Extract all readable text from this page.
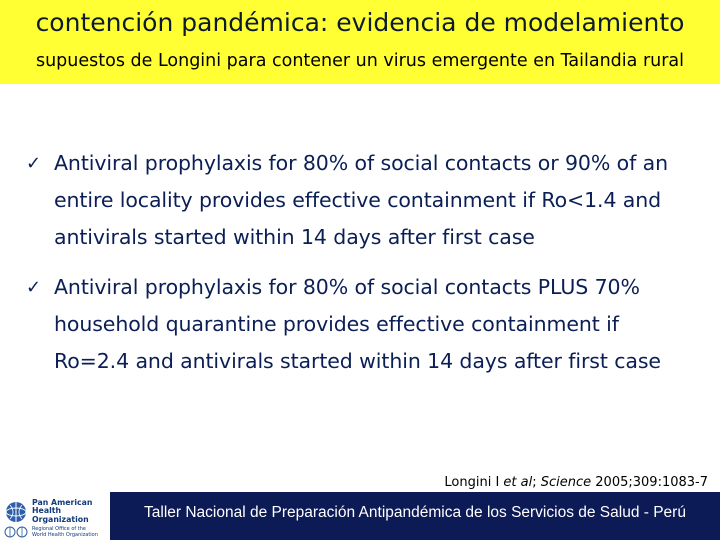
contención pandémica: evidencia de modelamiento
supuestos de Longini para contener un virus emergente en Tailandia rural
✓ Antiviral prophylaxis for 80% of social contacts or 90% of an
entire locality provides effective containment if Ro<1.4 and
antivirals started within 14 days after first case
✓ Antiviral prophylaxis for 80% of social contacts PLUS 70%
household quarantine provides effective containment if
Ro=2.4 and antivirals started within 14 days after first case
Longini I et al; Science 2005;309:1083-7
Pan American
Health
Organization
Regional Office of the
World Health Organization
Taller Nacional de Preparación Antipandémica de los Servicios de Salud - Perú
